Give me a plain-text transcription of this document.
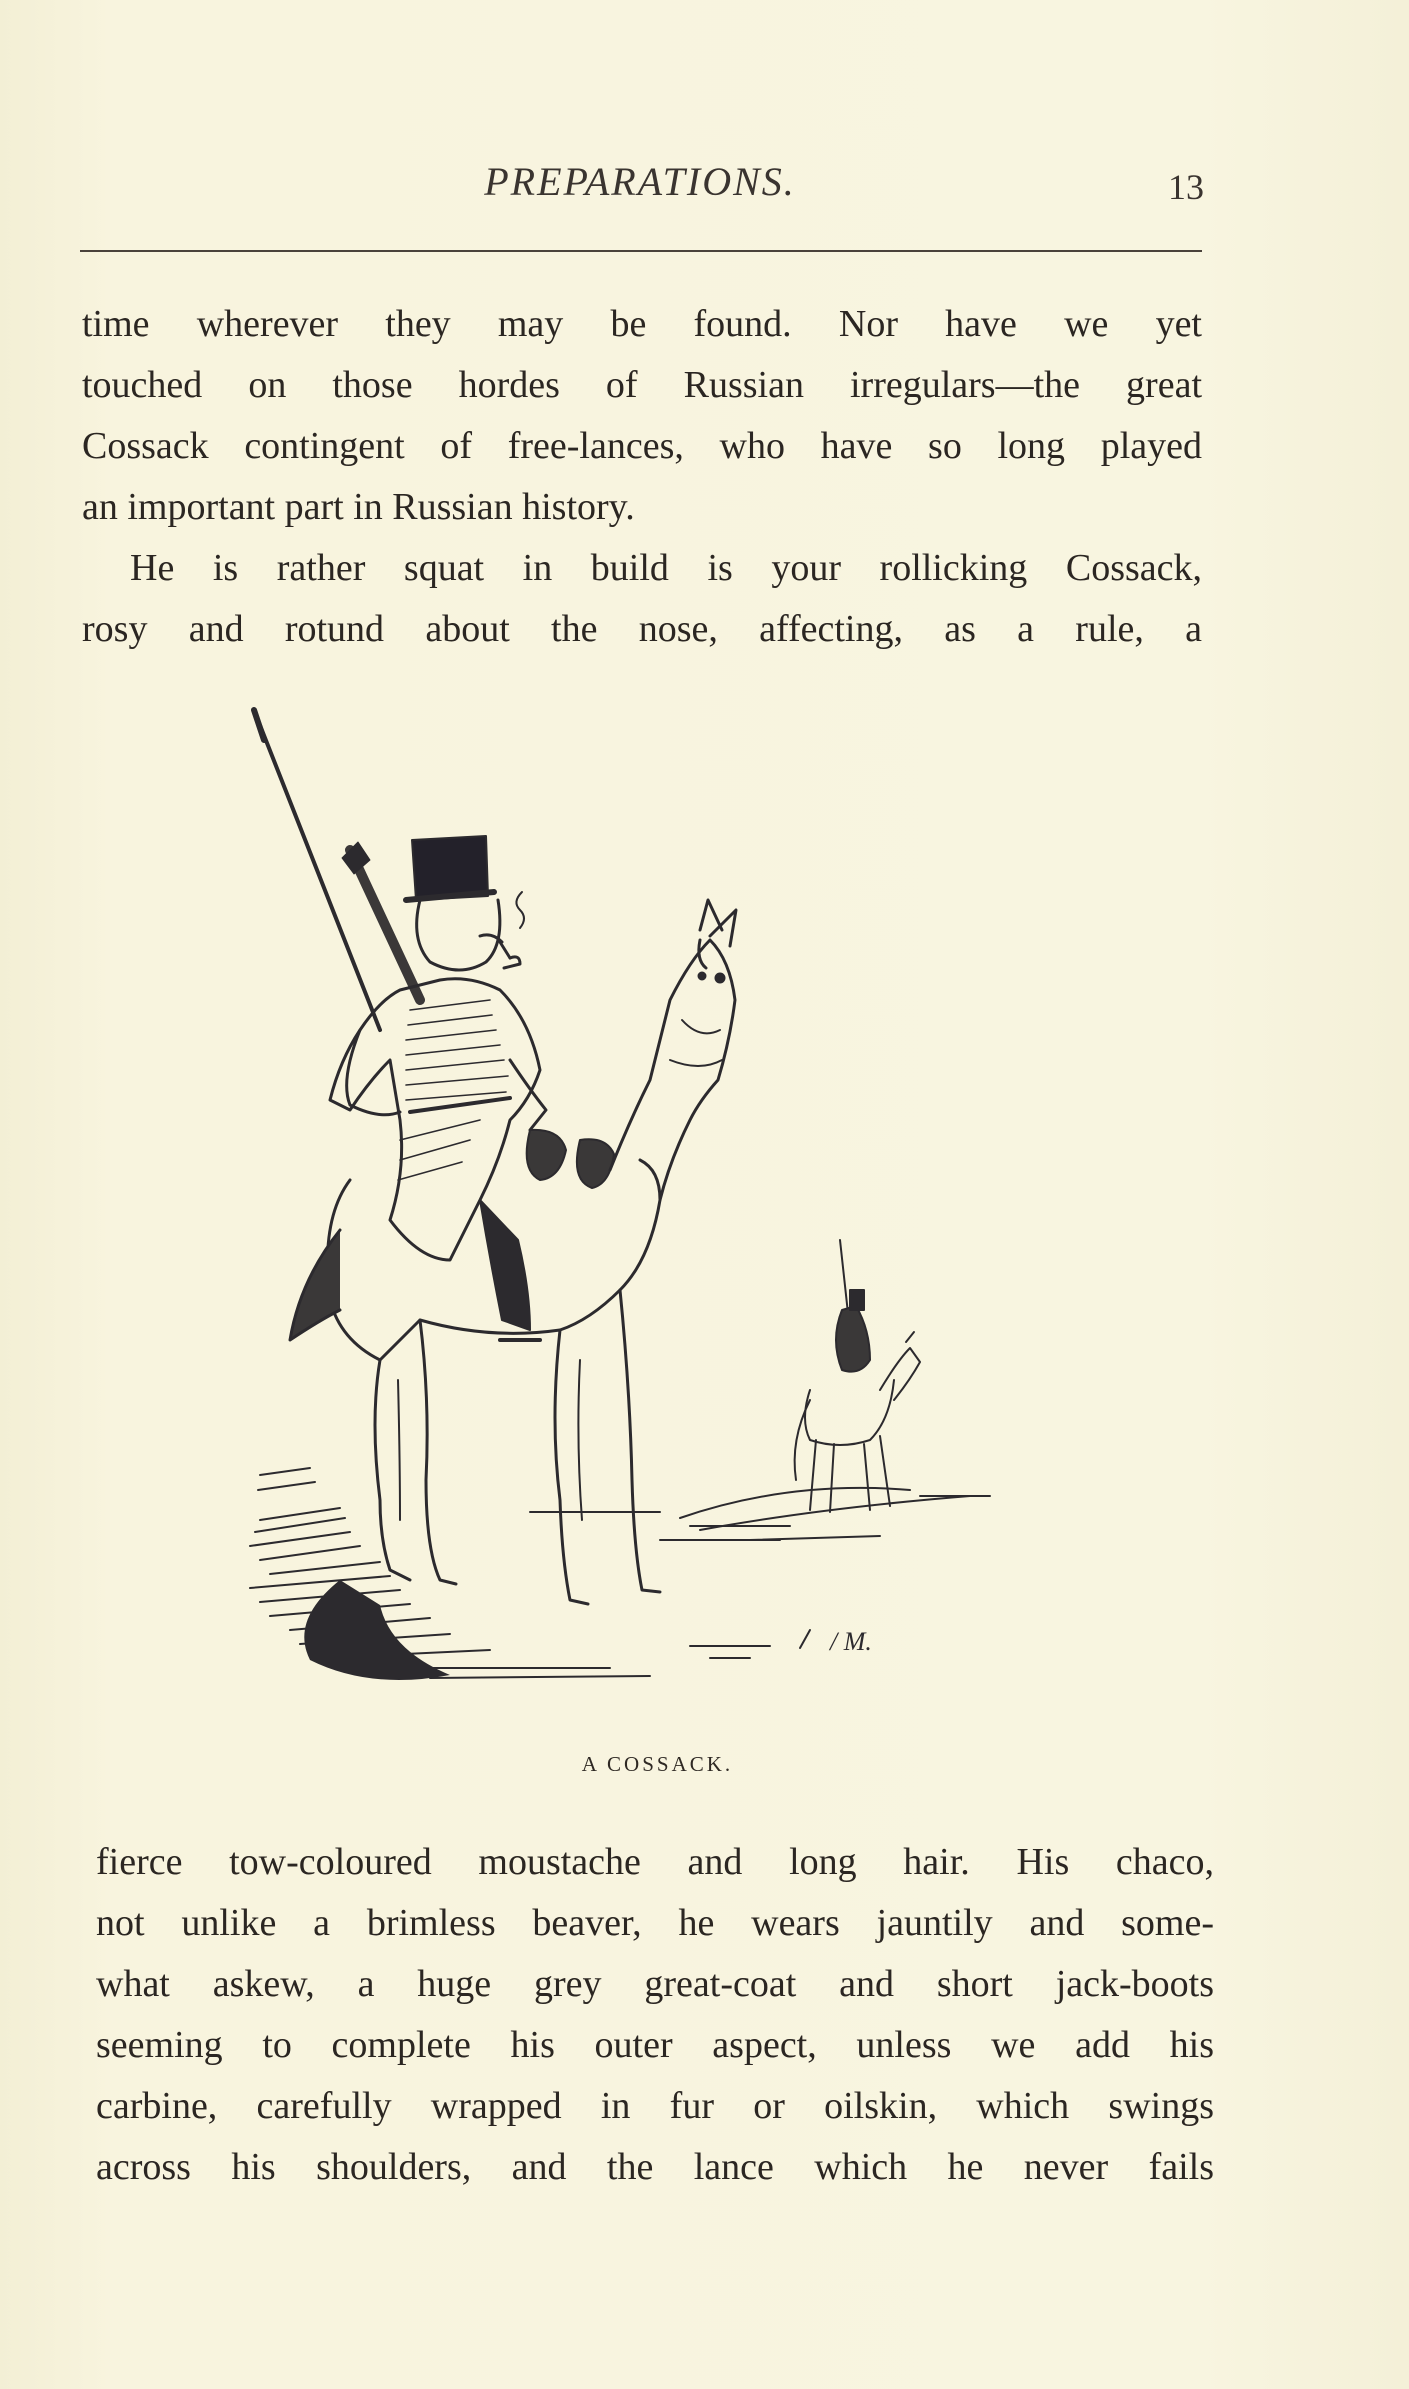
PREPARATIONS.	13
time wherever they may be found. Nor have we yet
touched on those hordes of Russian irregulars—the great
Cossack contingent of free-lances, who have so long played
an important part in Russian history.
He is rather squat in build is your rollicking Cossack,
rosy and rotund about the nose, affecting, as a rule, a
/ M.
A COSSACK.
fierce tow-coloured moustache and long hair. His chaco,
not unlike a brimless beaver, he wears jauntily and some-
what askew, a huge grey great-coat and short jack-boots
seeming to complete his outer aspect, unless we add his
carbine, carefully wrapped in fur or oilskin, which swings
across his shoulders, and the lance which he never fails
